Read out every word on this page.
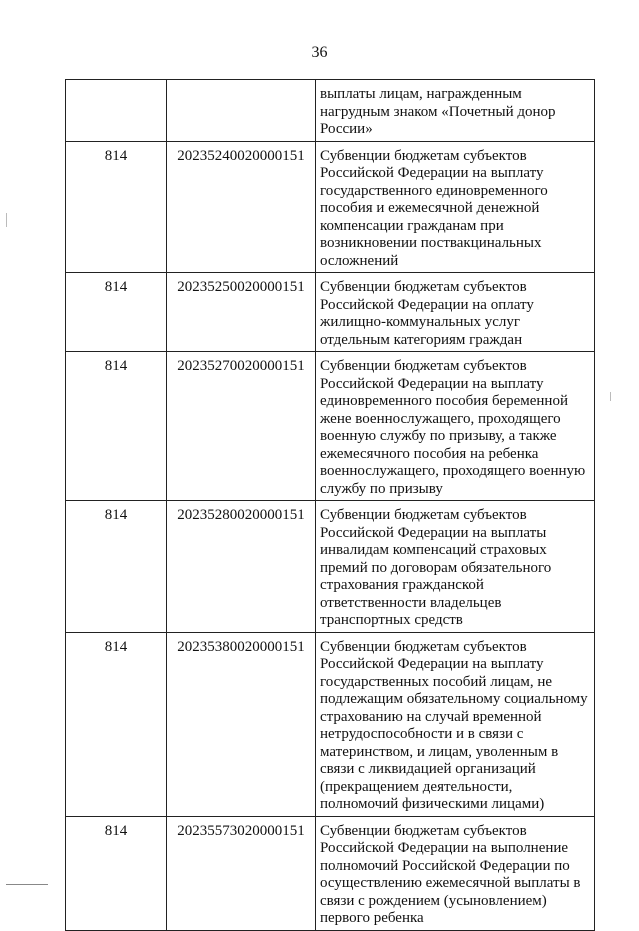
36
		выплаты лицам, награжденным нагрудным знаком «Почетный донор России»
814	20235240020000151	Субвенции бюджетам субъектов Российской Федерации на выплату государственного единовременного пособия и ежемесячной денежной компенсации гражданам при возникновении поствакцинальных осложнений
814	20235250020000151	Субвенции бюджетам субъектов Российской Федерации на оплату жилищно-коммунальных услуг отдельным категориям граждан
814	20235270020000151	Субвенции бюджетам субъектов Российской Федерации на выплату единовременного пособия беременной жене военнослужащего, проходящего военную службу по призыву, а также ежемесячного пособия на ребенка военнослужащего, проходящего военную службу по призыву
814	20235280020000151	Субвенции бюджетам субъектов Российской Федерации на выплаты инвалидам компенсаций страховых премий по договорам обязательного страхования гражданской ответственности владельцев транспортных средств
814	20235380020000151	Субвенции бюджетам субъектов Российской Федерации на выплату государственных пособий лицам, не подлежащим обязательному социальному страхованию на случай временной нетрудоспособности и в связи с материнством, и лицам, уволенным в связи с ликвидацией организаций (прекращением деятельности, полномочий физическими лицами)
814	20235573020000151	Субвенции бюджетам субъектов Российской Федерации на выполнение полномочий Российской Федерации по осуществлению ежемесячной выплаты в связи с рождением (усыновлением) первого ребенка
